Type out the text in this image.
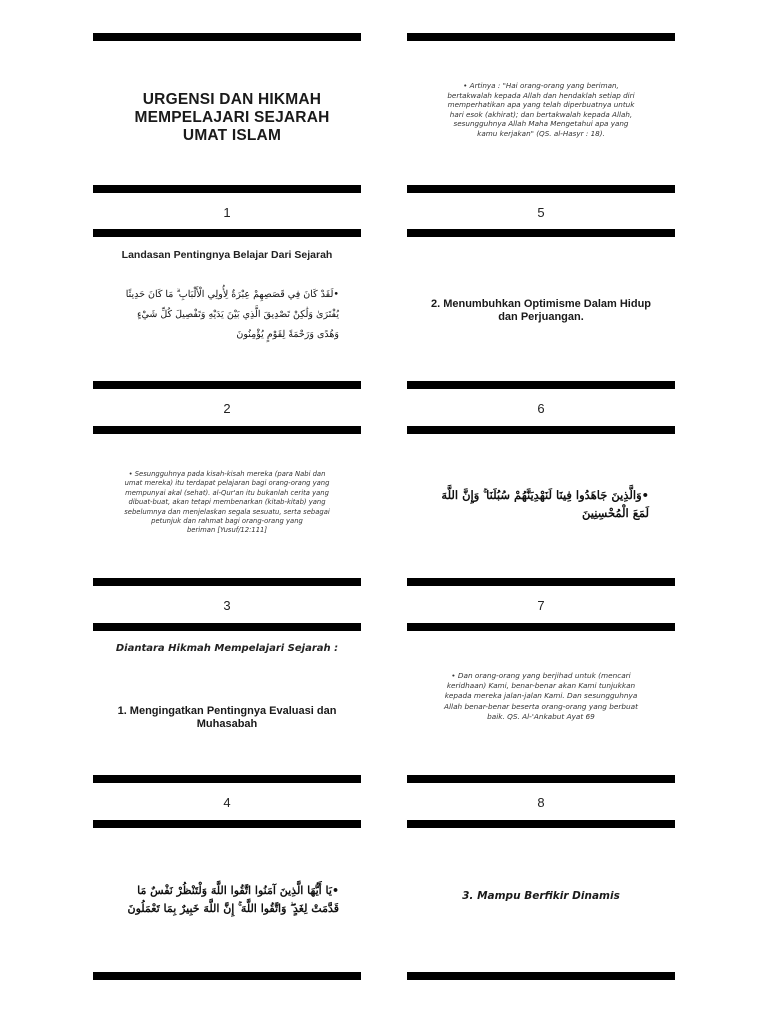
URGENSI DAN HIKMAH
MEMPELAJARI SEJARAH
UMAT ISLAM
1
• Artinya : "Hai orang-orang yang beriman,
bertakwalah kepada Allah dan hendaklah setiap diri
memperhatikan apa yang telah diperbuatnya untuk
hari esok (akhirat); dan bertakwalah kepada Allah,
sesungguhnya Allah Maha Mengetahui apa yang
kamu kerjakan" (QS. al-Hasyr : 18).
5
Landasan Pentingnya Belajar Dari Sejarah
•لَقَدْ كَانَ فِي قَصَصِهِمْ عِبْرَةٌ لِأُولِي الْأَلْبَابِ ۗ مَا كَانَ حَدِيثًا يُفْتَرَىٰ وَلَٰكِنْ تَصْدِيقَ الَّذِي بَيْنَ يَدَيْهِ وَتَفْصِيلَ كُلِّ شَيْءٍ وَهُدًى وَرَحْمَةً لِقَوْمٍ يُؤْمِنُونَ
2
2. Menumbuhkan Optimisme Dalam Hidup
dan Perjuangan.
6
• Sesungguhnya pada kisah-kisah mereka (para Nabi dan
umat mereka) itu terdapat pelajaran bagi orang-orang yang
mempunyai akal (sehat). al-Qur'an itu bukanlah cerita yang
dibuat-buat, akan tetapi membenarkan (kitab-kitab) yang
sebelumnya dan menjelaskan segala sesuatu, serta sebagai
petunjuk dan rahmat bagi orang-orang yang
beriman [Yusuf/12:111]
3
•وَالَّذِينَ جَاهَدُوا فِينَا لَنَهْدِيَنَّهُمْ سُبُلَنَا ۚ وَإِنَّ اللَّهَ لَمَعَ الْمُحْسِنِينَ
7
Diantara Hikmah Mempelajari Sejarah :
1. Mengingatkan Pentingnya Evaluasi dan
Muhasabah
4
• Dan orang-orang yang berjihad untuk (mencari
keridhaan) Kami, benar-benar akan Kami tunjukkan
kepada mereka jalan-jalan Kami. Dan sesungguhnya
Allah benar-benar beserta orang-orang yang berbuat
baik. QS. Al-'Ankabut Ayat 69
8
•يَا أَيُّهَا الَّذِينَ آمَنُوا اتَّقُوا اللَّهَ وَلْتَنْظُرْ نَفْسٌ مَا قَدَّمَتْ لِغَدٍ ۖ وَاتَّقُوا اللَّهَ ۚ إِنَّ اللَّهَ خَبِيرٌ بِمَا تَعْمَلُونَ
3. Mampu Berfikir Dinamis
